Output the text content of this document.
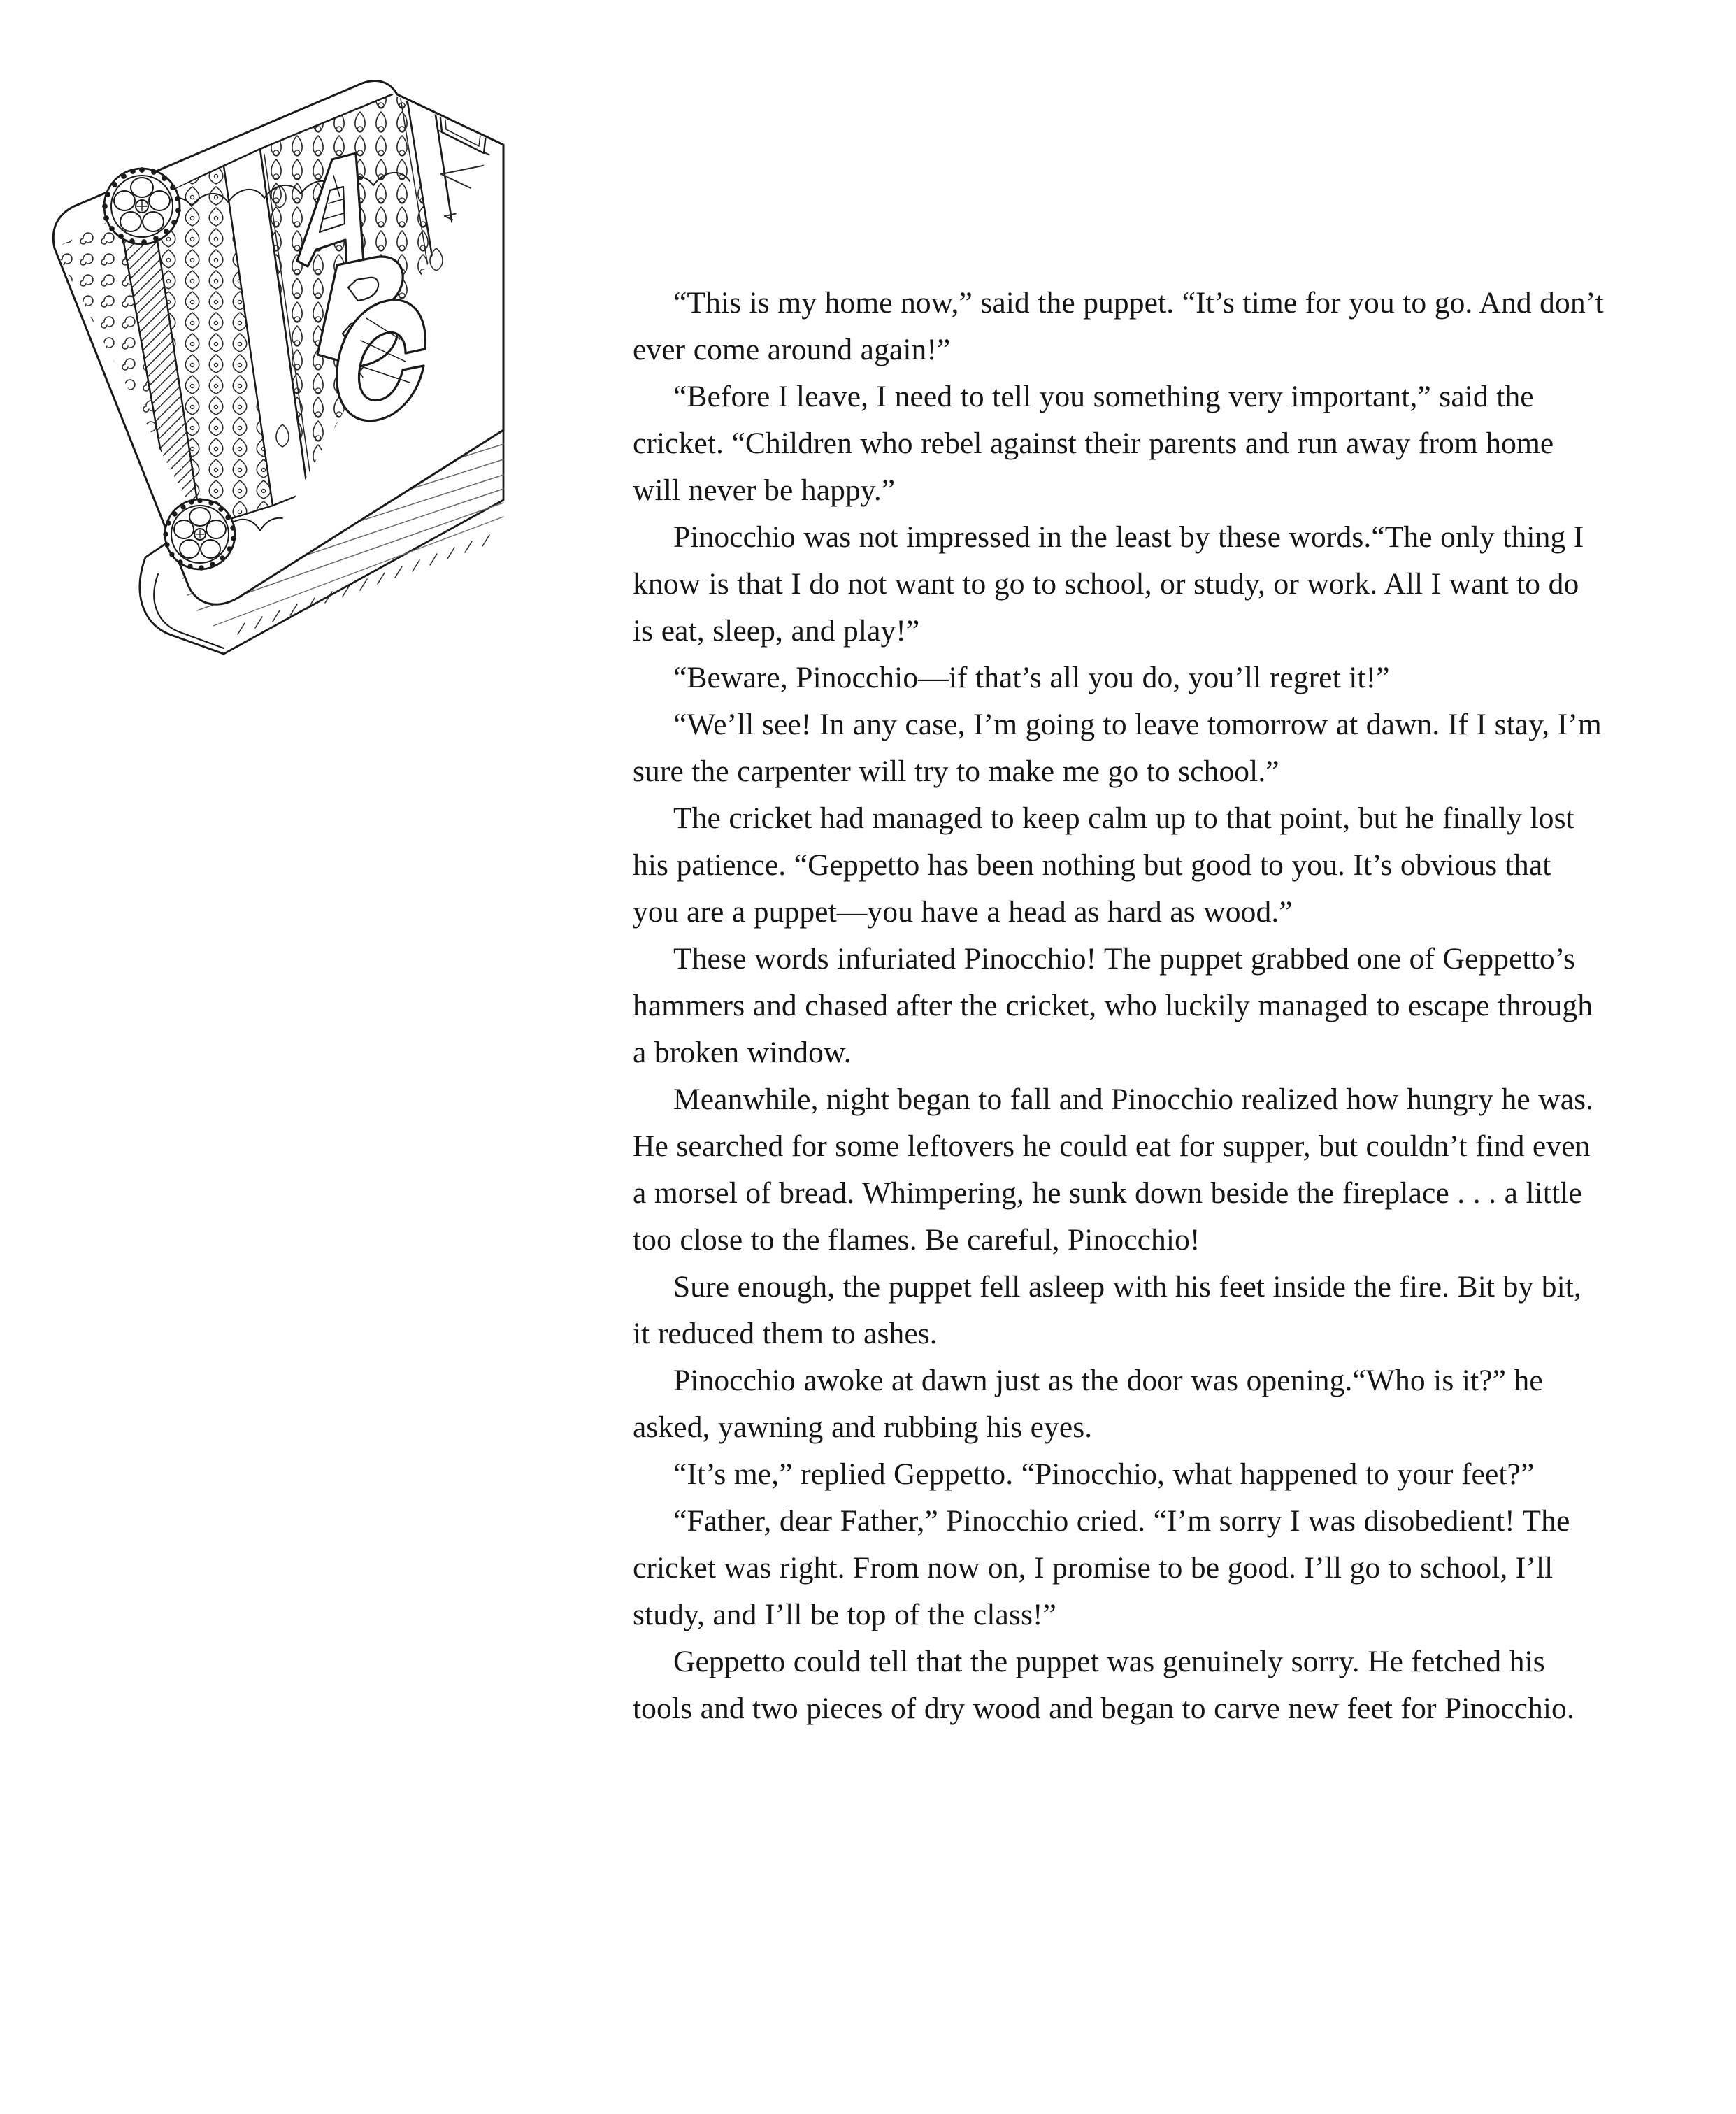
“This is my home now,” said the puppet. “It’s time for you to go. And don’t ever come around again!”

“Before I leave, I need to tell you something very important,” said the cricket. “Children who rebel against their parents and run away from home will never be happy.”

Pinocchio was not impressed in the least by these words.“The only thing I know is that I do not want to go to school, or study, or work. All I want to do is eat, sleep, and play!”

“Beware, Pinocchio—if that’s all you do, you’ll regret it!”

“We’ll see! In any case, I’m going to leave tomorrow at dawn. If I stay, I’m sure the carpenter will try to make me go to school.”

The cricket had managed to keep calm up to that point, but he finally lost his patience. “Geppetto has been nothing but good to you. It’s obvious that you are a puppet—you have a head as hard as wood.”

These words infuriated Pinocchio! The puppet grabbed one of Geppetto’s hammers and chased after the cricket, who luckily managed to escape through a broken window.

Meanwhile, night began to fall and Pinocchio realized how hungry he was. He searched for some leftovers he could eat for supper, but couldn’t find even a morsel of bread. Whimpering, he sunk down beside the fireplace . . . a little too close to the flames. Be careful, Pinocchio!

Sure enough, the puppet fell asleep with his feet inside the fire. Bit by bit, it reduced them to ashes.

Pinocchio awoke at dawn just as the door was opening.“Who is it?” he asked, yawning and rubbing his eyes.

“It’s me,” replied Geppetto. “Pinocchio, what happened to your feet?”

“Father, dear Father,” Pinocchio cried. “I’m sorry I was disobedient! The cricket was right. From now on, I promise to be good. I’ll go to school, I’ll study, and I’ll be top of the class!”

Geppetto could tell that the puppet was genuinely sorry. He fetched his tools and two pieces of dry wood and began to carve new feet for Pinocchio.
